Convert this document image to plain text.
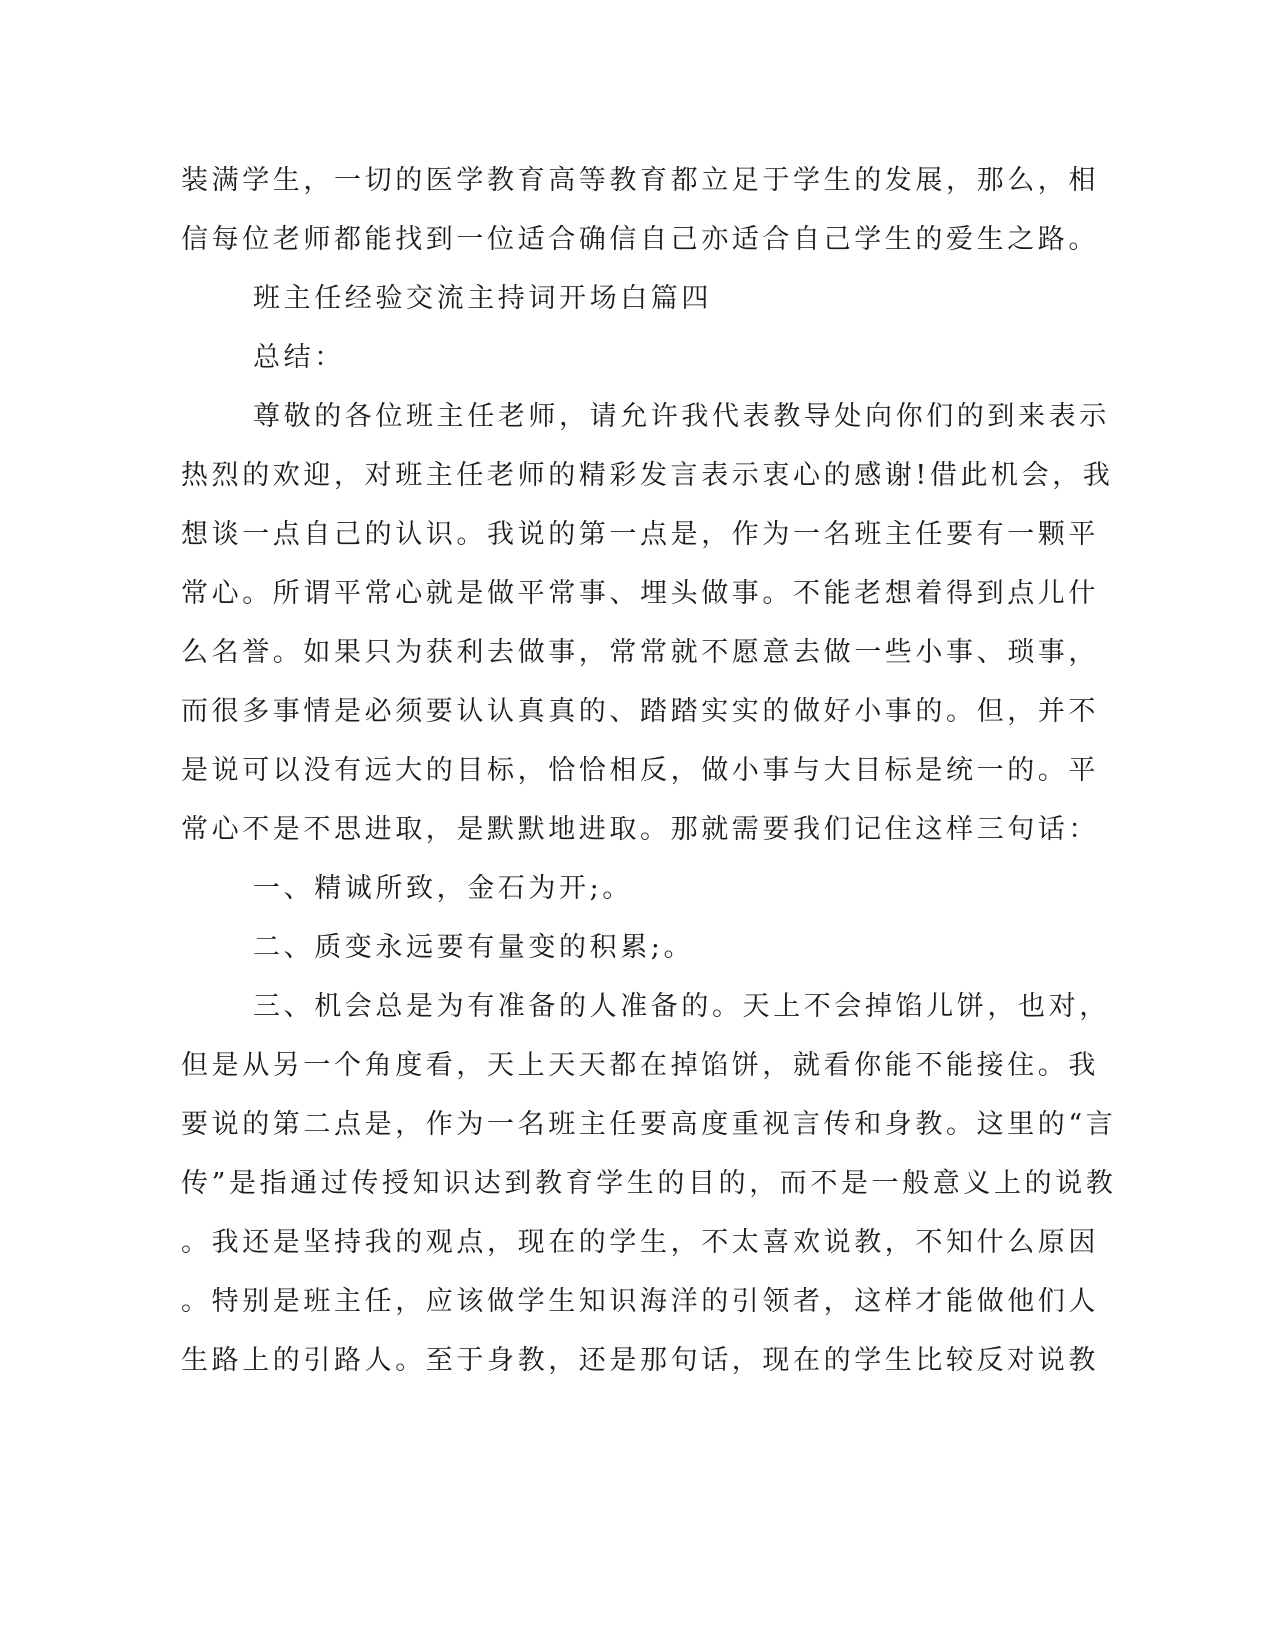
装满学生，一切的医学教育高等教育都立足于学生的发展，那么，相
信每位老师都能找到一位适合确信自己亦适合自己学生的爱生之路。
班主任经验交流主持词开场白篇四
总结：
尊敬的各位班主任老师，请允许我代表教导处向你们的到来表示
热烈的欢迎，对班主任老师的精彩发言表示衷心的感谢!借此机会，我
想谈一点自己的认识。我说的第一点是，作为一名班主任要有一颗平
常心。所谓平常心就是做平常事、埋头做事。不能老想着得到点儿什
么名誉。如果只为获利去做事，常常就不愿意去做一些小事、琐事，
而很多事情是必须要认认真真的、踏踏实实的做好小事的。但，并不
是说可以没有远大的目标，恰恰相反，做小事与大目标是统一的。平
常心不是不思进取，是默默地进取。那就需要我们记住这样三句话：
一、精诚所致，金石为开;。
二、质变永远要有量变的积累;。
三、机会总是为有准备的人准备的。天上不会掉馅儿饼，也对，
但是从另一个角度看，天上天天都在掉馅饼，就看你能不能接住。我
要说的第二点是，作为一名班主任要高度重视言传和身教。这里的“言
传”是指通过传授知识达到教育学生的目的，而不是一般意义上的说教
。我还是坚持我的观点，现在的学生，不太喜欢说教，不知什么原因
。特别是班主任，应该做学生知识海洋的引领者，这样才能做他们人
生路上的引路人。至于身教，还是那句话，现在的学生比较反对说教
